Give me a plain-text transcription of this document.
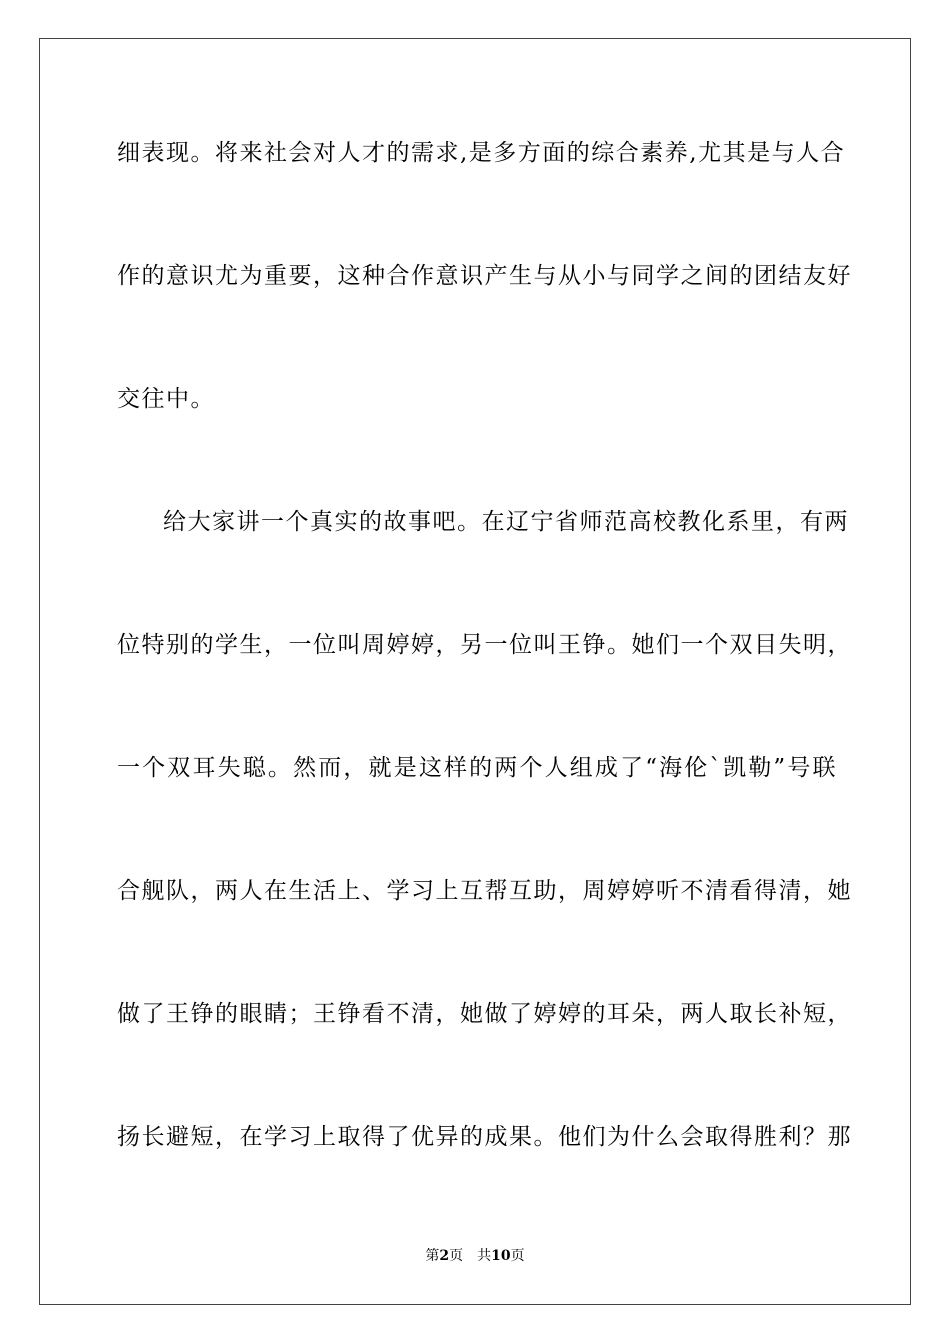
细表现。将来社会对人才的需求,是多方面的综合素养,尤其是与人合
作的意识尤为重要，这种合作意识产生与从小与同学之间的团结友好
交往中。
给大家讲一个真实的故事吧。在辽宁省师范高校教化系里，有两
位特别的学生，一位叫周婷婷，另一位叫王铮。她们一个双目失明，
一个双耳失聪。然而，就是这样的两个人组成了“海伦`凯勒”号联
合舰队，两人在生活上、学习上互帮互助，周婷婷听不清看得清，她
做了王铮的眼睛；王铮看不清，她做了婷婷的耳朵，两人取长补短，
扬长避短，在学习上取得了优异的成果。他们为什么会取得胜利？那
第2页 共10页
